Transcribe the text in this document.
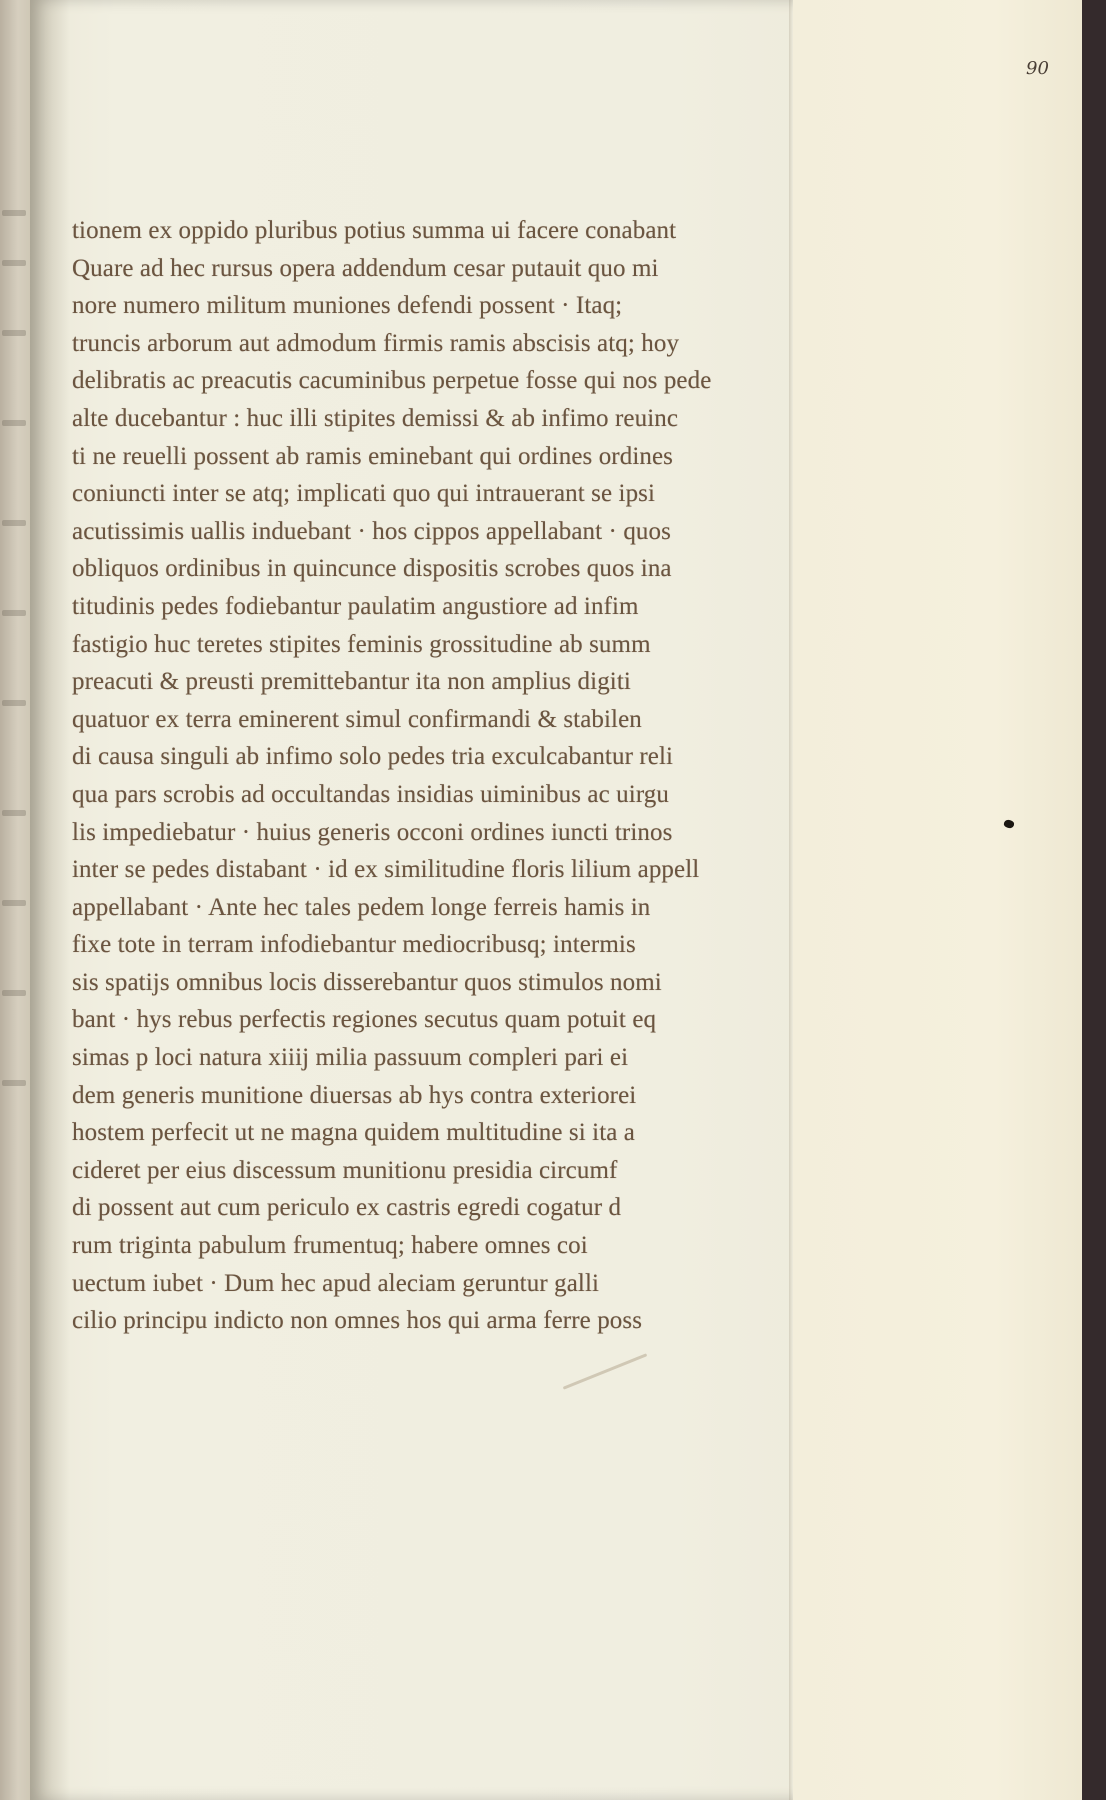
90
tionem ex oppido pluribus potius summa ui facere conabant
Quare ad hec rursus opera addendum cesar putauit quo mi
nore numero militum muniones defendi possent · Itaq;
truncis arborum aut admodum firmis ramis abscisis atq; hoy
delibratis ac preacutis cacuminibus perpetue fosse qui nos pede
alte ducebantur : huc illi stipites demissi & ab infimo reuinc
ti ne reuelli possent ab ramis eminebant qui ordines ordines
coniuncti inter se atq; implicati quo qui intrauerant se ipsi
acutissimis uallis induebant · hos cippos appellabant · quos
obliquos ordinibus in quincunce dispositis scrobes quos ina
titudinis pedes fodiebantur paulatim angustiore ad infim
fastigio huc teretes stipites feminis grossitudine ab summ
preacuti & preusti premittebantur ita non amplius digiti
quatuor ex terra eminerent simul confirmandi & stabilen
di causa singuli ab infimo solo pedes tria exculcabantur reli
qua pars scrobis ad occultandas insidias uiminibus ac uirgu
lis impediebatur · huius generis occoni ordines iuncti trinos
inter se pedes distabant · id ex similitudine floris lilium appell
appellabant · Ante hec tales pedem longe ferreis hamis in
fixe tote in terram infodiebantur mediocribusq; intermis
sis spatijs omnibus locis disserebantur quos stimulos nomi
bant · hys rebus perfectis regiones secutus quam potuit eq
simas p loci natura xiiij milia passuum compleri pari ei
dem generis munitione diuersas ab hys contra exteriorei
hostem perfecit ut ne magna quidem multitudine si ita a
cideret per eius discessum munitionu presidia circumf
di possent aut cum periculo ex castris egredi cogatur d
rum triginta pabulum frumentuq; habere omnes coi
uectum iubet · Dum hec apud aleciam geruntur galli
cilio principu indicto non omnes hos qui arma ferre poss
